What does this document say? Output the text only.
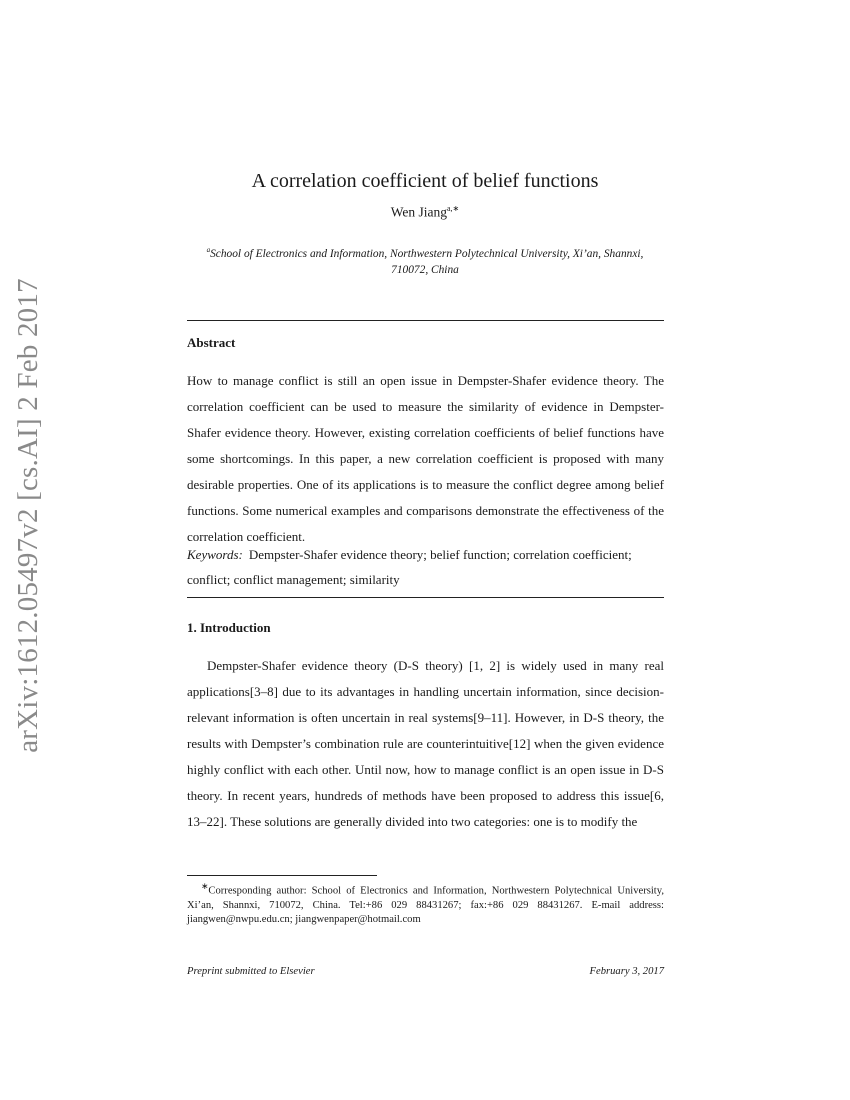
arXiv:1612.05497v2 [cs.AI] 2 Feb 2017
A correlation coefficient of belief functions
Wen Jiang$^{a,∗}$
$^a$School of Electronics and Information, Northwestern Polytechnical University, Xi’an, Shannxi, 710072, China
Abstract

How to manage conflict is still an open issue in Dempster-Shafer evidence theory. The correlation coefficient can be used to measure the similarity of evidence in Dempster-Shafer evidence theory. However, existing correlation coefficients of belief functions have some shortcomings. In this paper, a new correlation coefficient is proposed with many desirable properties. One of its applications is to measure the conflict degree among belief functions. Some numerical examples and comparisons demonstrate the effectiveness of the correlation coefficient.

Keywords: Dempster-Shafer evidence theory; belief function; correlation coefficient; conflict; conflict management; similarity

1. Introduction

Dempster-Shafer evidence theory (D-S theory) [1, 2] is widely used in many real applications[3–8] due to its advantages in handling uncertain information, since decision-relevant information is often uncertain in real systems[9–11]. However, in D-S theory, the results with Dempster’s combination rule are counterintuitive[12] when the given evidence highly conflict with each other. Until now, how to manage conflict is an open issue in D-S theory. In recent years, hundreds of methods have been proposed to address this issue[6, 13–22]. These solutions are generally divided into two categories: one is to modify the

∗Corresponding author: School of Electronics and Information, Northwestern Polytechnical University, Xi’an, Shannxi, 710072, China. Tel:+86 029 88431267; fax:+86 029 88431267. E-mail address: jiangwen@nwpu.edu.cn; jiangwenpaper@hotmail.com

Preprint submitted to Elsevier	February 3, 2017
